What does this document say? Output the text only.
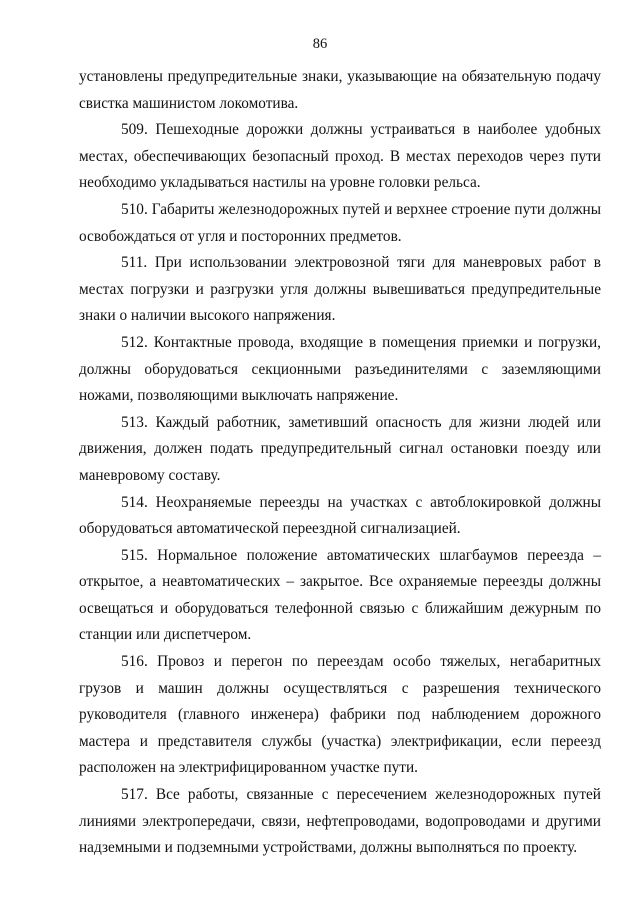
86

установлены предупредительные знаки, указывающие на обязательную подачу свистка машинистом локомотива.

509. Пешеходные дорожки должны устраиваться в наиболее удобных местах, обеспечивающих безопасный проход. В местах переходов через пути необходимо укладываться настилы на уровне головки рельса.

510. Габариты железнодорожных путей и верхнее строение пути должны освобождаться от угля и посторонних предметов.

511. При использовании электровозной тяги для маневровых работ в местах погрузки и разгрузки угля должны вывешиваться предупредительные знаки о наличии высокого напряжения.

512. Контактные провода, входящие в помещения приемки и погрузки, должны оборудоваться секционными разъединителями с заземляющими ножами, позволяющими выключать напряжение.

513. Каждый работник, заметивший опасность для жизни людей или движения, должен подать предупредительный сигнал остановки поезду или маневровому составу.

514. Неохраняемые переезды на участках с автоблокировкой должны оборудоваться автоматической переездной сигнализацией.

515. Нормальное положение автоматических шлагбаумов переезда – открытое, а неавтоматических – закрытое. Все охраняемые переезды должны освещаться и оборудоваться телефонной связью с ближайшим дежурным по станции или диспетчером.

516. Провоз и перегон по переездам особо тяжелых, негабаритных грузов и машин должны осуществляться с разрешения технического руководителя (главного инженера) фабрики под наблюдением дорожного мастера и представителя службы (участка) электрификации, если переезд расположен на электрифицированном участке пути.

517. Все работы, связанные с пересечением железнодорожных путей линиями электропередачи, связи, нефтепроводами, водопроводами и другими надземными и подземными устройствами, должны выполняться по проекту.
